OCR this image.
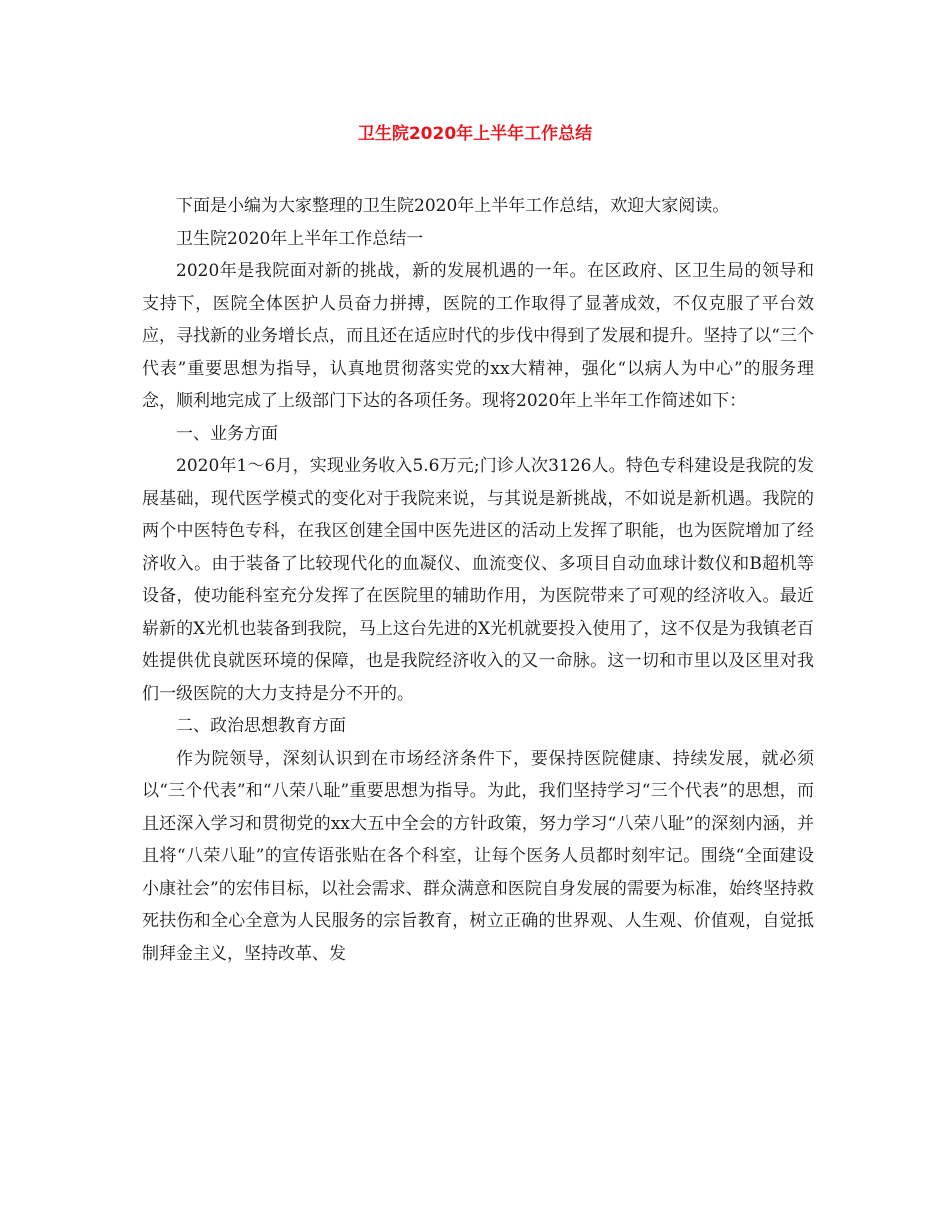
卫生院2020年上半年工作总结

下面是小编为大家整理的卫生院2020年上半年工作总结，欢迎大家阅读。

卫生院2020年上半年工作总结一

2020年是我院面对新的挑战，新的发展机遇的一年。在区政府、区卫生局的领导和支持下，医院全体医护人员奋力拼搏，医院的工作取得了显著成效，不仅克服了平台效应，寻找新的业务增长点，而且还在适应时代的步伐中得到了发展和提升。坚持了以“三个代表”重要思想为指导，认真地贯彻落实党的xx大精神，强化“以病人为中心”的服务理念，顺利地完成了上级部门下达的各项任务。现将2020年上半年工作简述如下：

一、业务方面

2020年1～6月，实现业务收入5.6万元;门诊人次3126人。特色专科建设是我院的发展基础，现代医学模式的变化对于我院来说，与其说是新挑战，不如说是新机遇。我院的两个中医特色专科，在我区创建全国中医先进区的活动上发挥了职能，也为医院增加了经济收入。由于装备了比较现代化的血凝仪、血流变仪、多项目自动血球计数仪和B超机等设备，使功能科室充分发挥了在医院里的辅助作用，为医院带来了可观的经济收入。最近崭新的X光机也装备到我院，马上这台先进的X光机就要投入使用了，这不仅是为我镇老百姓提供优良就医环境的保障，也是我院经济收入的又一命脉。这一切和市里以及区里对我们一级医院的大力支持是分不开的。

二、政治思想教育方面

作为院领导，深刻认识到在市场经济条件下，要保持医院健康、持续发展，就必须以“三个代表”和“八荣八耻”重要思想为指导。为此，我们坚持学习“三个代表”的思想，而且还深入学习和贯彻党的xx大五中全会的方针政策，努力学习“八荣八耻”的深刻内涵，并且将“八荣八耻”的宣传语张贴在各个科室，让每个医务人员都时刻牢记。围绕“全面建设小康社会”的宏伟目标，以社会需求、群众满意和医院自身发展的需要为标准，始终坚持救死扶伤和全心全意为人民服务的宗旨教育，树立正确的世界观、人生观、价值观，自觉抵制拜金主义，坚持改革、发
